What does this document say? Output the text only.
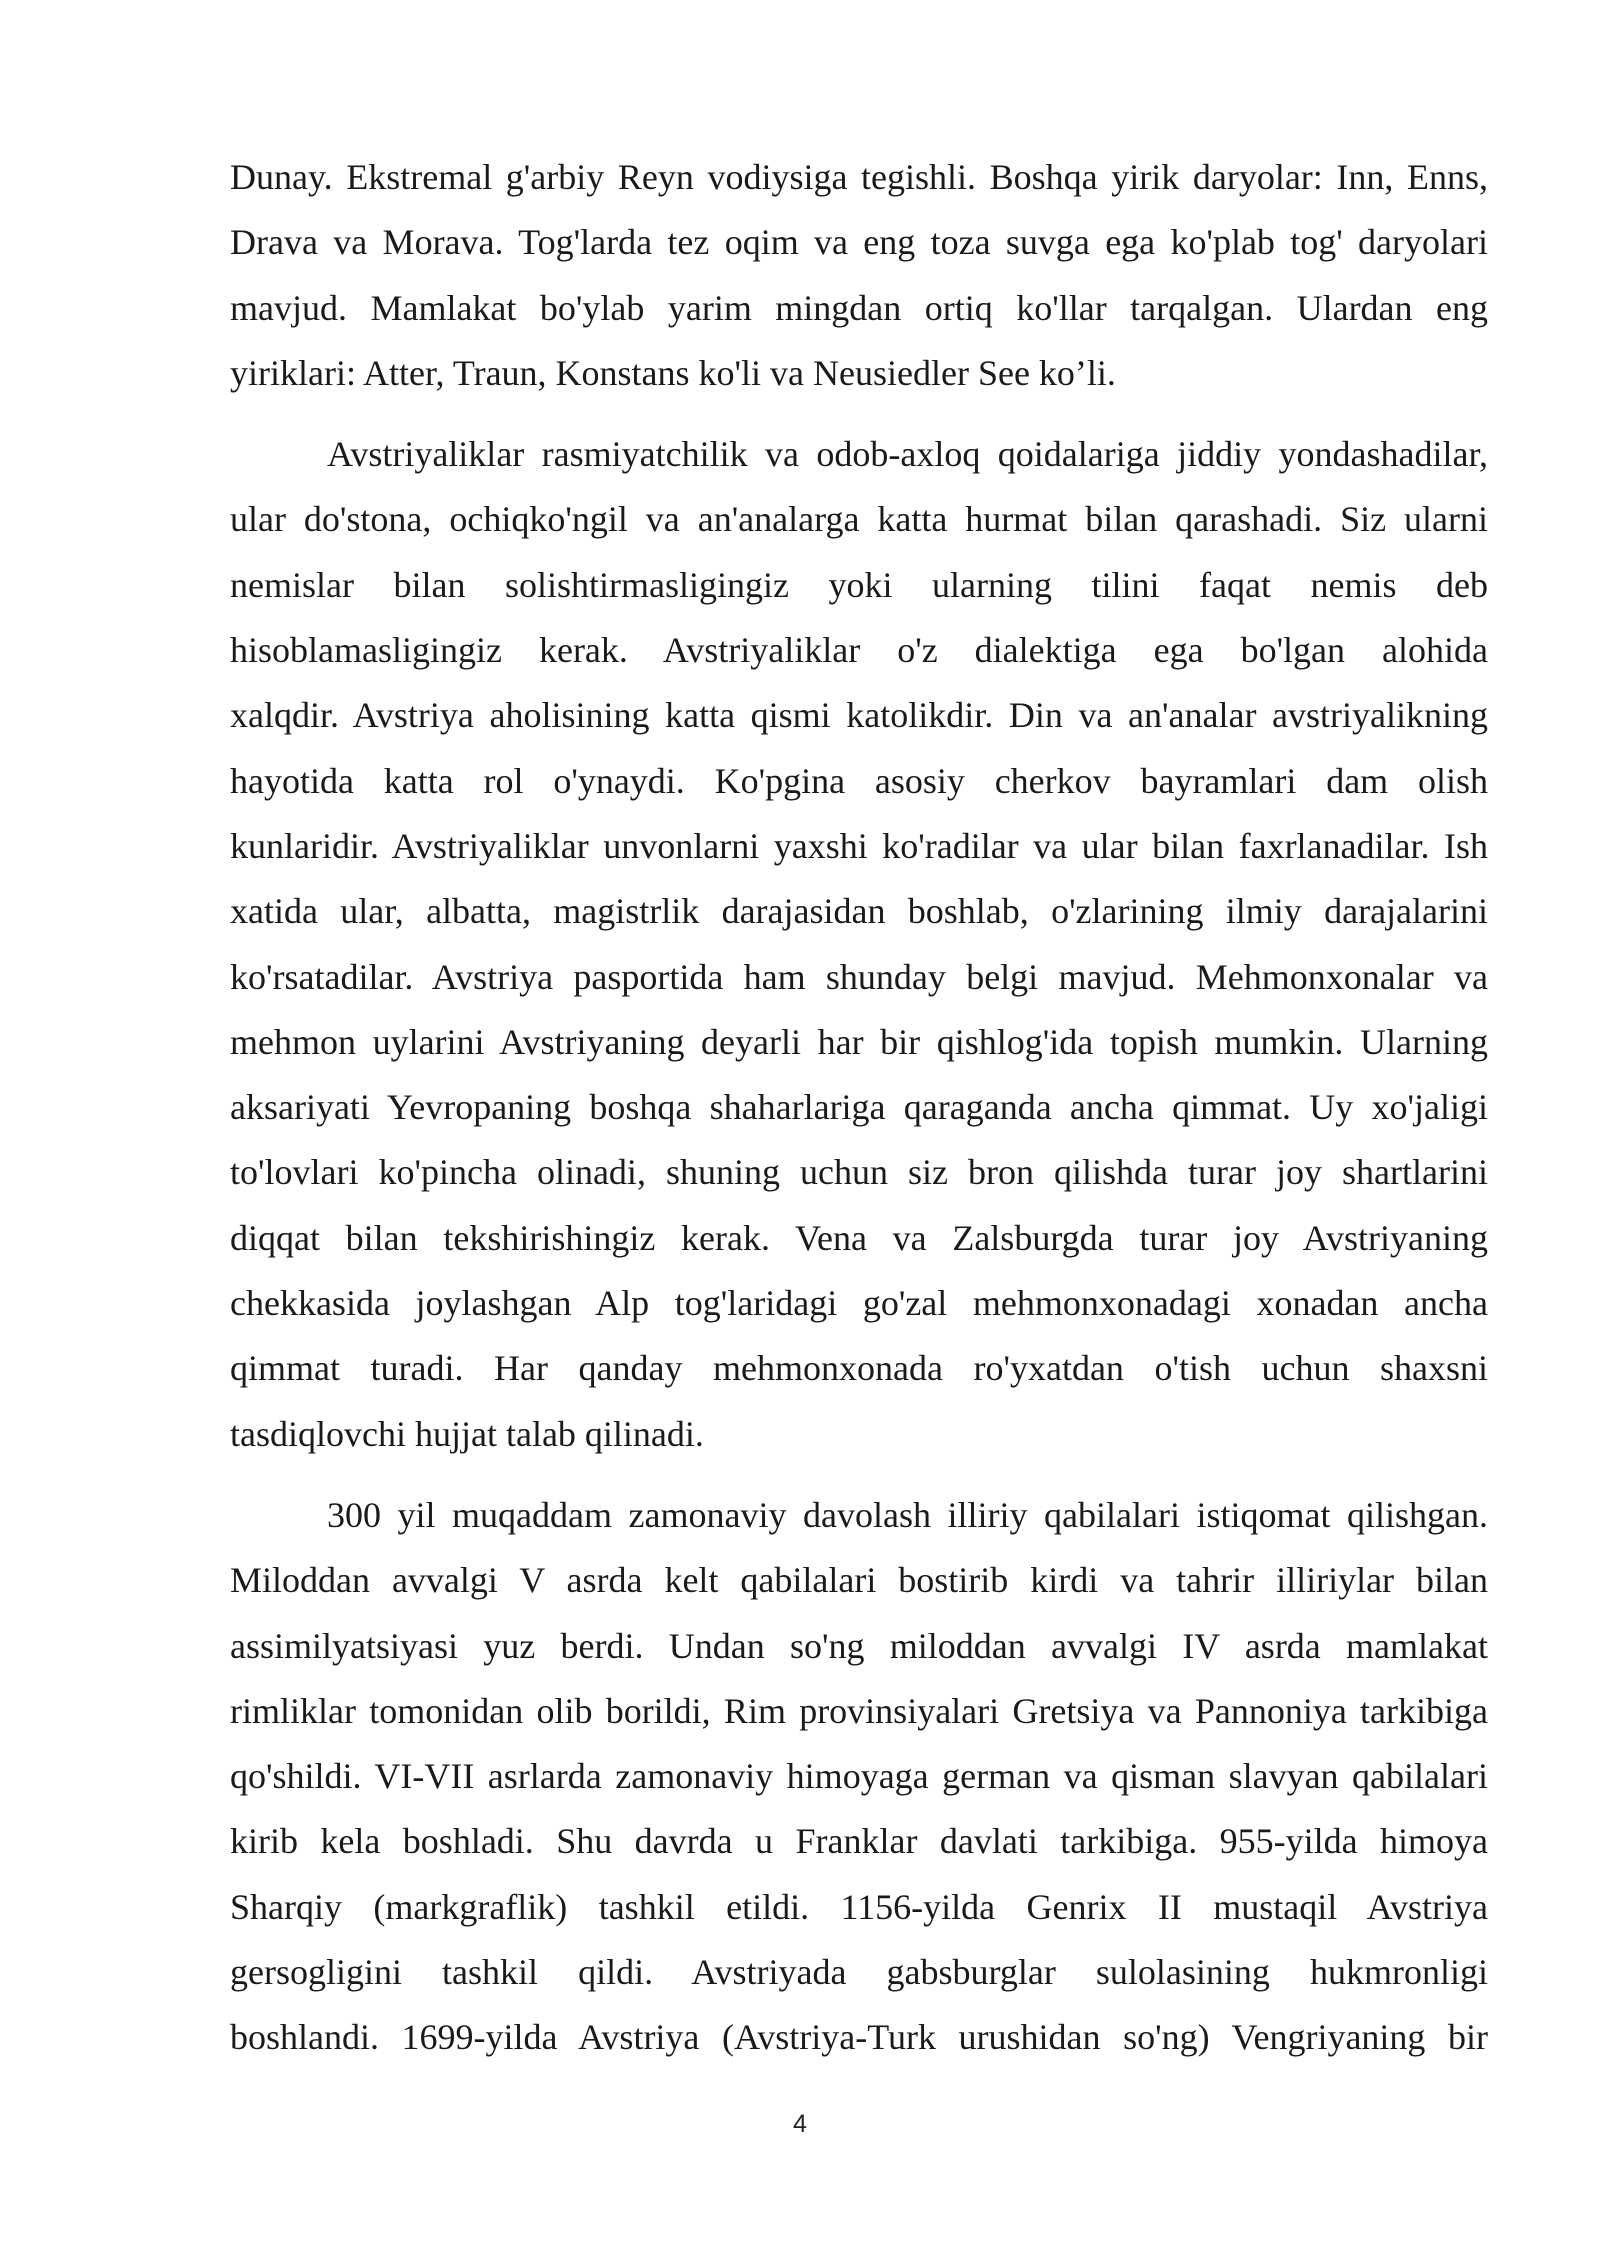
Dunay. Ekstremal g'arbiy Reyn vodiysiga tegishli. Boshqa yirik daryolar: Inn, Enns,
Drava va Morava. Tog'larda tez oqim va eng toza suvga ega ko'plab tog' daryolari
mavjud. Mamlakat bo'ylab yarim mingdan ortiq ko'llar tarqalgan. Ulardan eng
yiriklari: Atter, Traun, Konstans ko'li va Neusiedler See ko’li.

Avstriyaliklar rasmiyatchilik va odob-axloq qoidalariga jiddiy yondashadilar,
ular do'stona, ochiqko'ngil va an'analarga katta hurmat bilan qarashadi. Siz ularni
nemislar bilan solishtirmasligingiz yoki ularning tilini faqat nemis deb
hisoblamasligingiz kerak. Avstriyaliklar o'z dialektiga ega bo'lgan alohida
xalqdir. Avstriya aholisining katta qismi katolikdir. Din va an'analar avstriyalikning
hayotida katta rol o'ynaydi. Ko'pgina asosiy cherkov bayramlari dam olish
kunlaridir. Avstriyaliklar unvonlarni yaxshi ko'radilar va ular bilan faxrlanadilar. Ish
xatida ular, albatta, magistrlik darajasidan boshlab, o'zlarining ilmiy darajalarini
ko'rsatadilar. Avstriya pasportida ham shunday belgi mavjud. Mehmonxonalar va
mehmon uylarini Avstriyaning deyarli har bir qishlog'ida topish mumkin. Ularning
aksariyati Yevropaning boshqa shaharlariga qaraganda ancha qimmat. Uy xo'jaligi
to'lovlari ko'pincha olinadi, shuning uchun siz bron qilishda turar joy shartlarini
diqqat bilan tekshirishingiz kerak. Vena va Zalsburgda turar joy Avstriyaning
chekkasida joylashgan Alp tog'laridagi go'zal mehmonxonadagi xonadan ancha
qimmat turadi. Har qanday mehmonxonada ro'yxatdan o'tish uchun shaxsni
tasdiqlovchi hujjat talab qilinadi.

300 yil muqaddam zamonaviy davolash illiriy qabilalari istiqomat qilishgan.
Miloddan avvalgi V asrda kelt qabilalari bostirib kirdi va tahrir illiriylar bilan
assimilyatsiyasi yuz berdi. Undan so'ng miloddan avvalgi IV asrda mamlakat
rimliklar tomonidan olib borildi, Rim provinsiyalari Gretsiya va Pannoniya tarkibiga
qo'shildi. VI-VII asrlarda zamonaviy himoyaga german va qisman slavyan qabilalari
kirib kela boshladi. Shu davrda u Franklar davlati tarkibiga. 955-yilda himoya
Sharqiy (markgraflik) tashkil etildi. 1156-yilda Genrix II mustaqil Avstriya
gersogligini tashkil qildi. Avstriyada gabsburglar sulolasining hukmronligi
boshlandi. 1699-yilda Avstriya (Avstriya-Turk urushidan so'ng) Vengriyaning bir

4
